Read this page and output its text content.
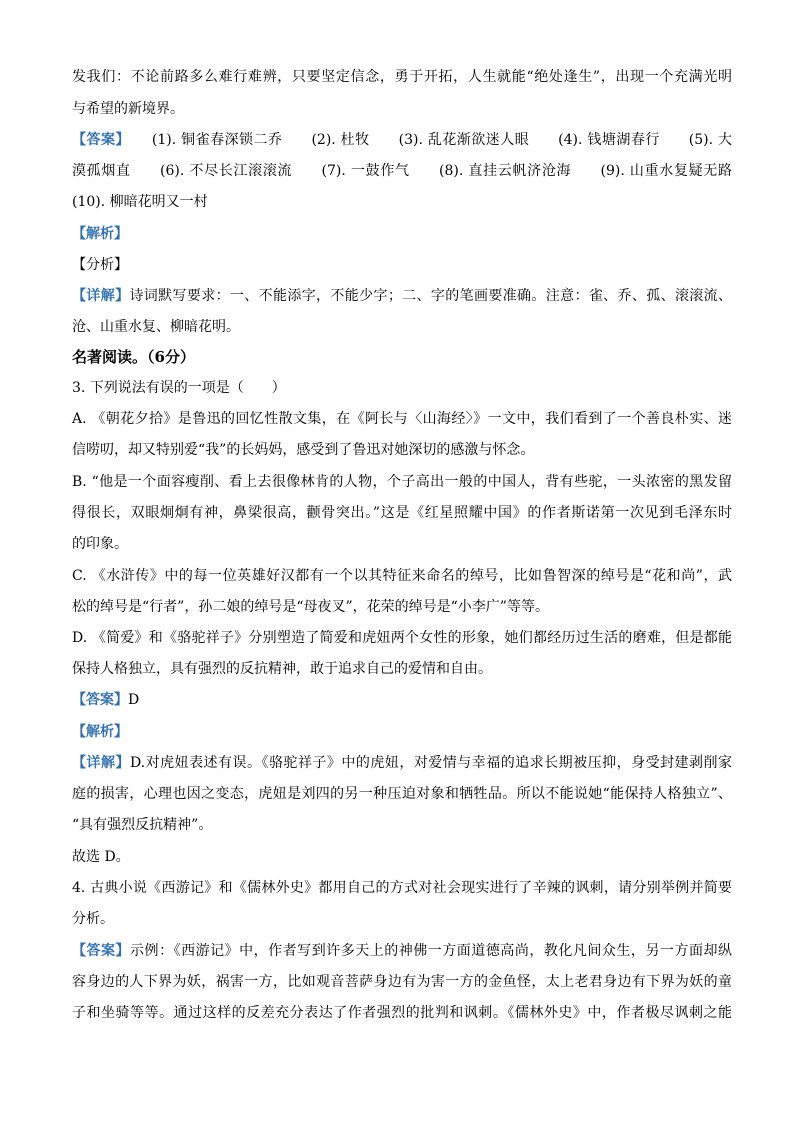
发我们：不论前路多么难行难辨，只要坚定信念，勇于开拓，人生就能“绝处逢生”，出现一个充满光明
与希望的新境界。
【答案】　　(1). 铜雀春深锁二乔　　(2). 杜牧　　(3). 乱花渐欲迷人眼　　(4). 钱塘湖春行　　(5). 大
漠孤烟直　　(6). 不尽长江滚滚流　　(7). 一鼓作气　　(8). 直挂云帆济沧海　　(9). 山重水复疑无路
(10). 柳暗花明又一村
【解析】
【分析】
【详解】诗词默写要求：一、不能添字，不能少字；二、字的笔画要准确。注意：雀、乔、孤、滚滚流、
沧、山重水复、柳暗花明。
名著阅读。（6分）
3. 下列说法有误的一项是（　　）
A. 《朝花夕拾》是鲁迅的回忆性散文集，在《阿长与〈山海经〉》一文中，我们看到了一个善良朴实、迷
信唠叨，却又特别爱“我”的长妈妈，感受到了鲁迅对她深切的感激与怀念。
B. “他是一个面容瘦削、看上去很像林肯的人物，个子高出一般的中国人，背有些驼，一头浓密的黑发留
得很长，双眼炯炯有神，鼻梁很高，颧骨突出。”这是《红星照耀中国》的作者斯诺第一次见到毛泽东时
的印象。
C. 《水浒传》中的每一位英雄好汉都有一个以其特征来命名的绰号，比如鲁智深的绰号是“花和尚”，武
松的绰号是“行者”，孙二娘的绰号是“母夜叉”，花荣的绰号是“小李广”等等。
D. 《简爱》和《骆驼祥子》分别塑造了简爱和虎妞两个女性的形象，她们都经历过生活的磨难，但是都能
保持人格独立，具有强烈的反抗精神，敢于追求自己的爱情和自由。
【答案】D
【解析】
【详解】D.对虎妞表述有误。《骆驼祥子》中的虎妞，对爱情与幸福的追求长期被压抑，身受封建剥削家
庭的损害，心理也因之变态，虎妞是刘四的另一种压迫对象和牺牲品。所以不能说她“能保持人格独立”、
“具有强烈反抗精神”。
故选 D。
4. 古典小说《西游记》和《儒林外史》都用自己的方式对社会现实进行了辛辣的讽刺，请分别举例并简要
分析。
【答案】示例：《西游记》中，作者写到许多天上的神佛一方面道德高尚，教化凡间众生，另一方面却纵
容身边的人下界为妖，祸害一方，比如观音菩萨身边有为害一方的金鱼怪，太上老君身边有下界为妖的童
子和坐骑等等。通过这样的反差充分表达了作者强烈的批判和讽刺。《儒林外史》中，作者极尽讽刺之能
